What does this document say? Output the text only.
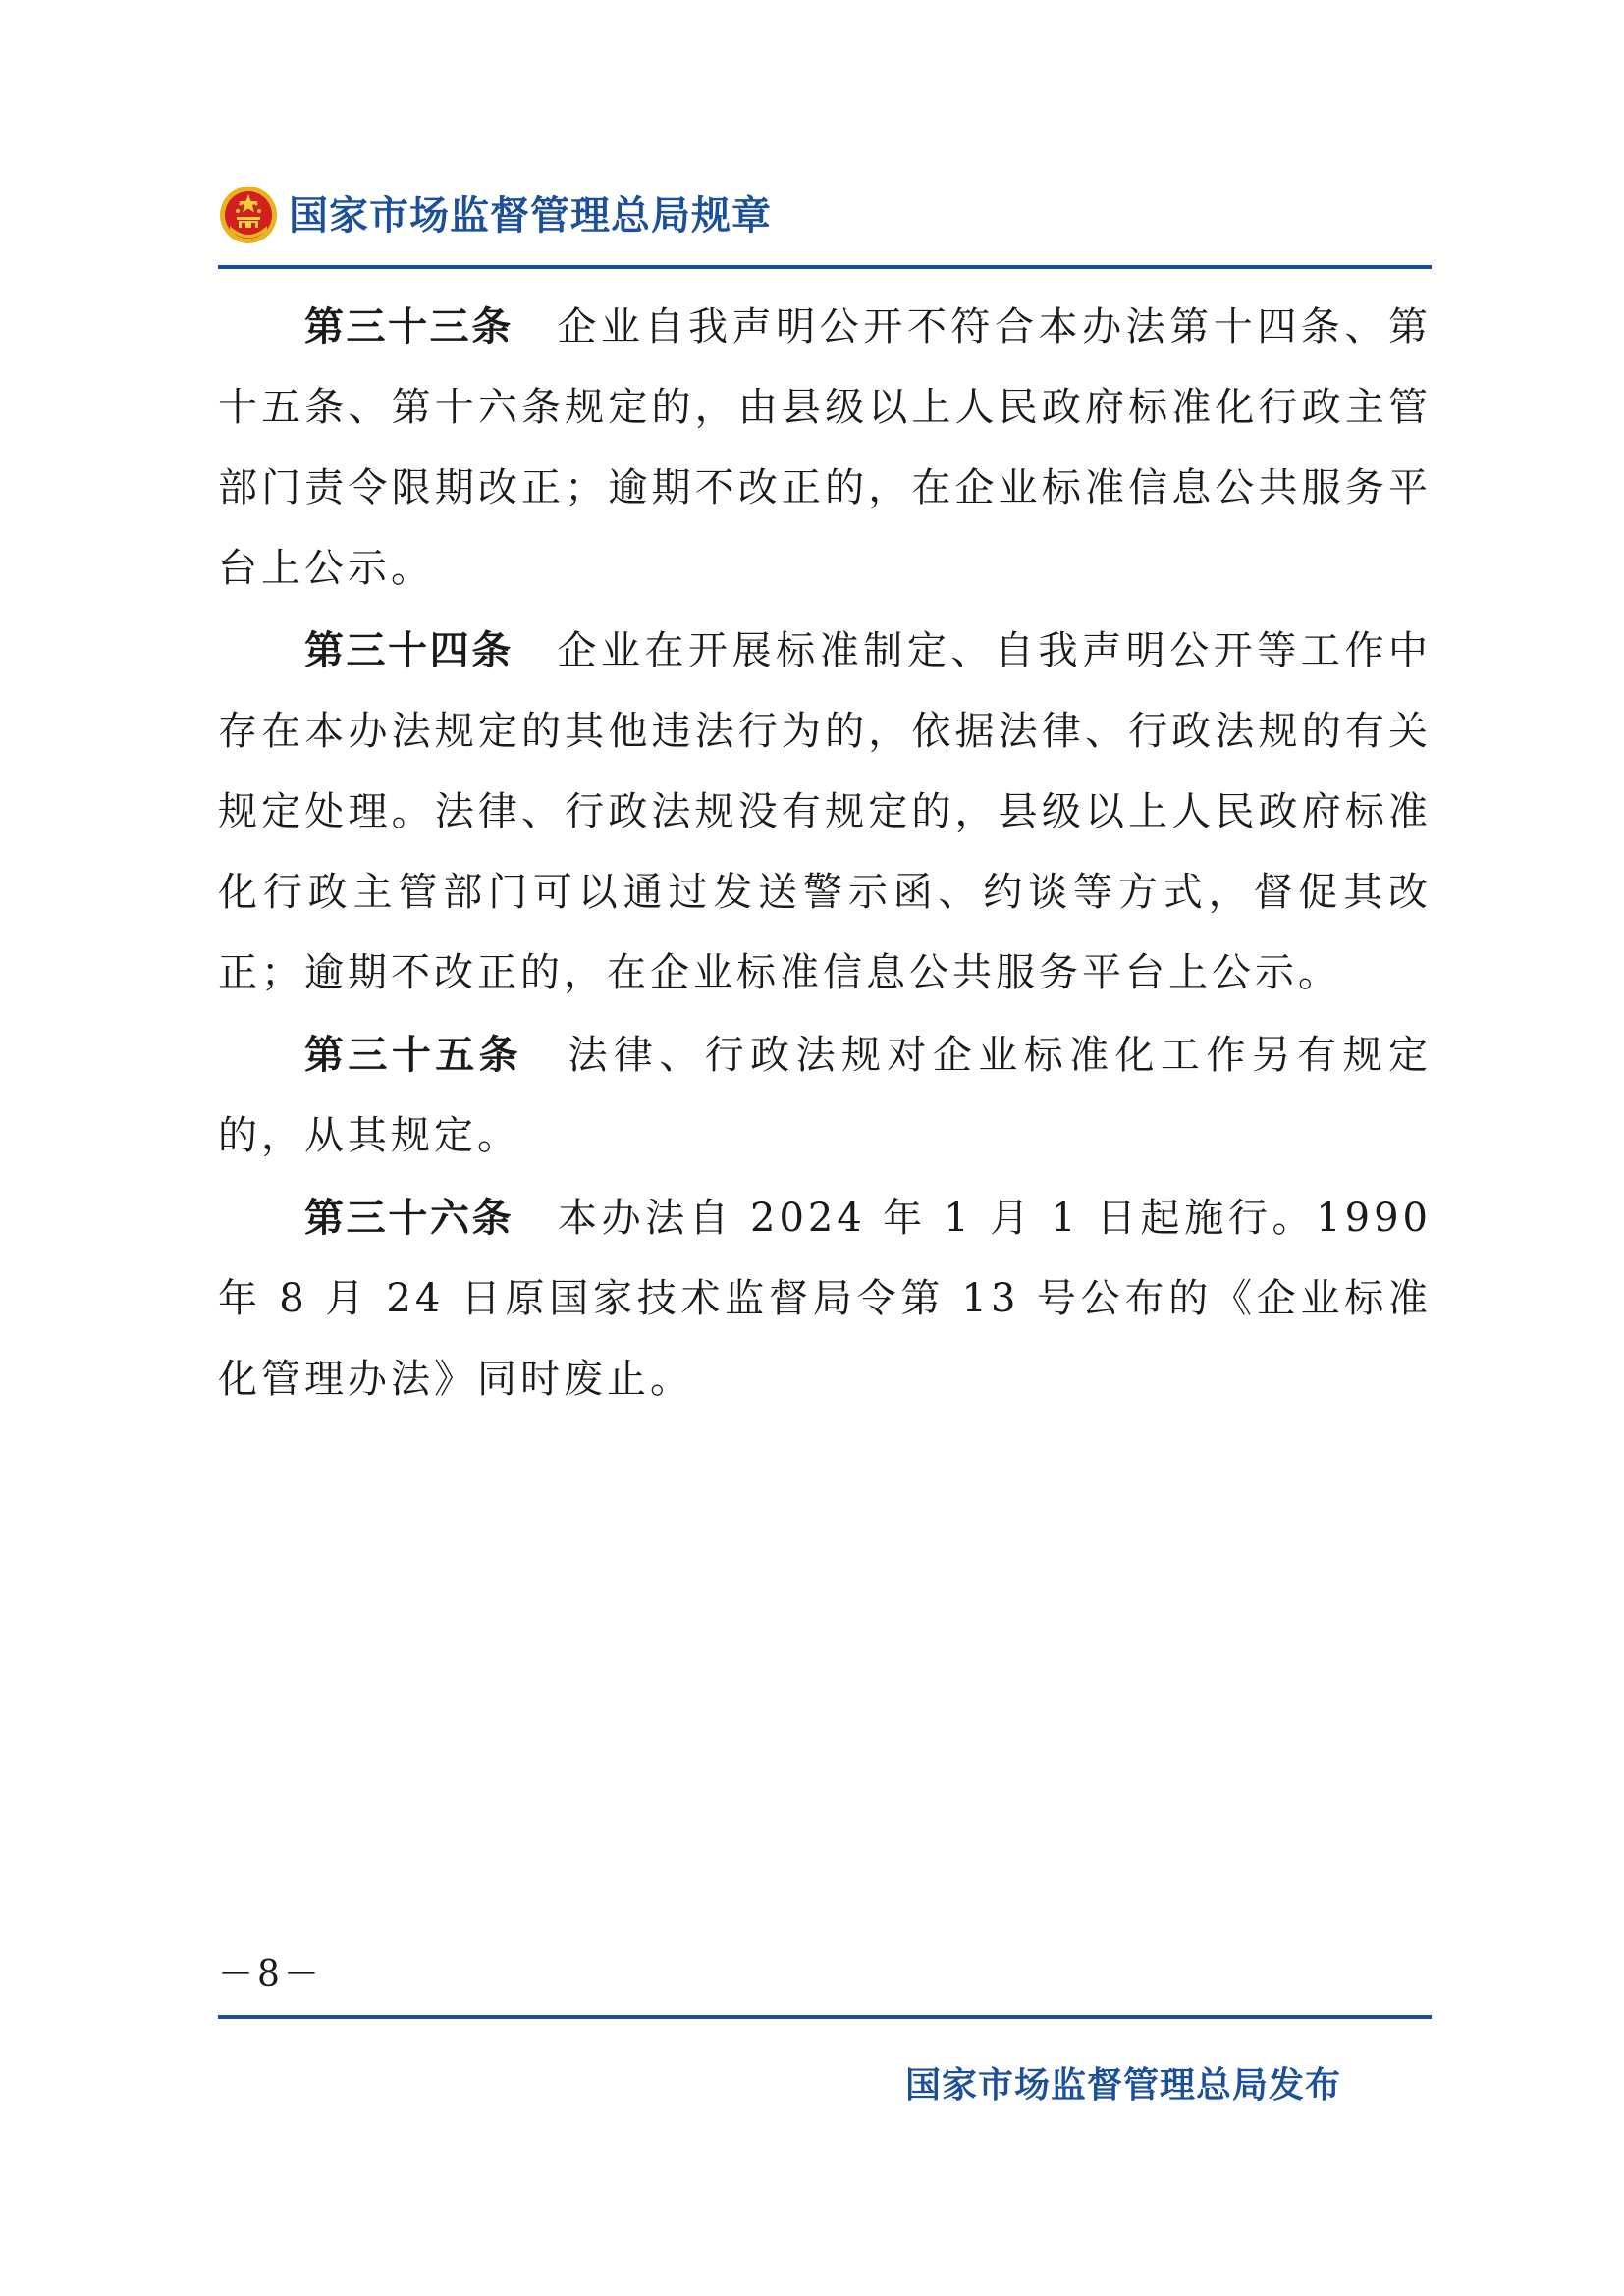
国家市场监督管理总局规章

第三十三条 企业自我声明公开不符合本办法第十四条、第十五条、第十六条规定的，由县级以上人民政府标准化行政主管部门责令限期改正；逾期不改正的，在企业标准信息公共服务平台上公示。

第三十四条 企业在开展标准制定、自我声明公开等工作中存在本办法规定的其他违法行为的，依据法律、行政法规的有关规定处理。法律、行政法规没有规定的，县级以上人民政府标准化行政主管部门可以通过发送警示函、约谈等方式，督促其改正；逾期不改正的，在企业标准信息公共服务平台上公示。

第三十五条 法律、行政法规对企业标准化工作另有规定的，从其规定。

第三十六条 本办法自 2024 年 1 月 1 日起施行。1990 年 8 月 24 日原国家技术监督局令第 13 号公布的《企业标准化管理办法》同时废止。

－8－
国家市场监督管理总局发布
